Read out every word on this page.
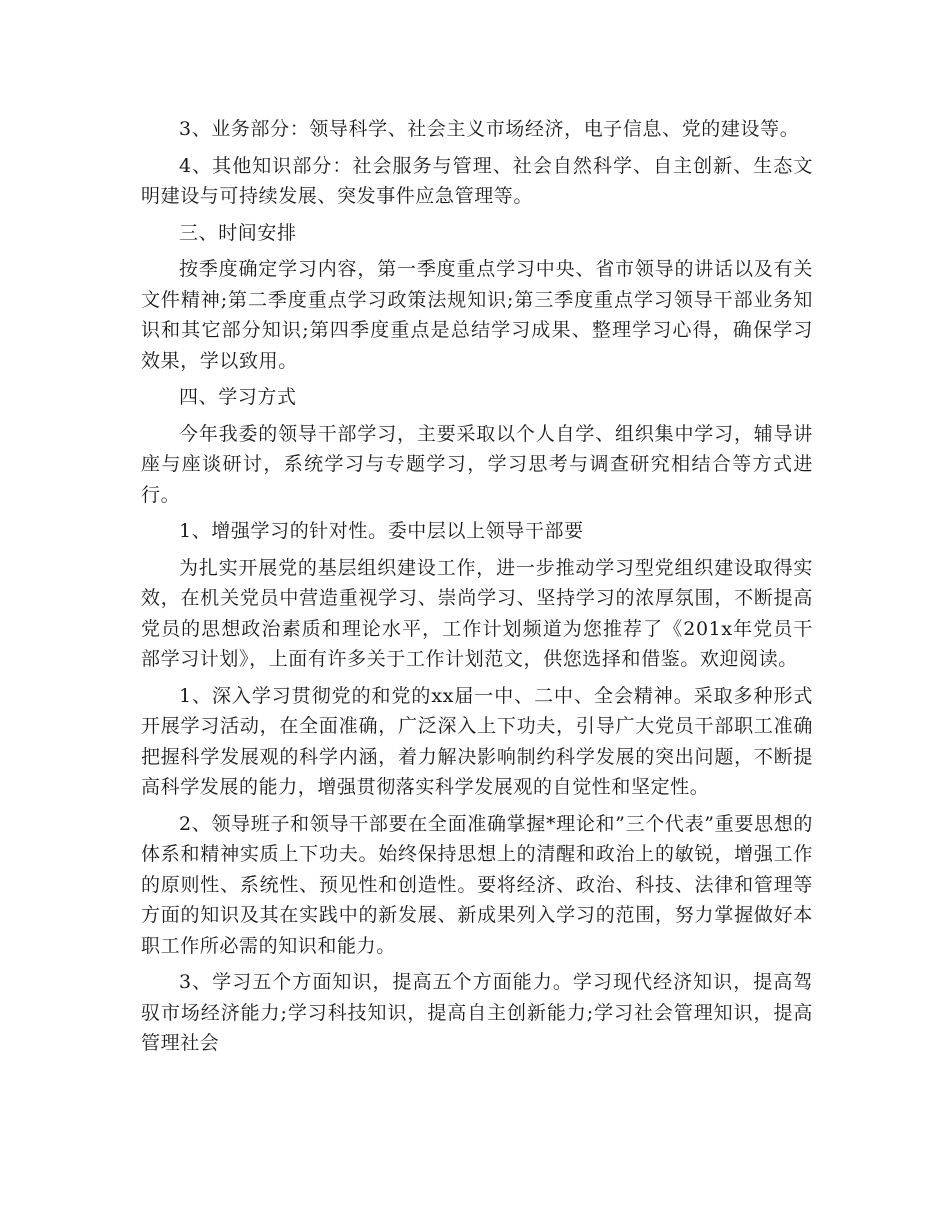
3、业务部分：领导科学、社会主义市场经济，电子信息、党的建设等。

4、其他知识部分：社会服务与管理、社会自然科学、自主创新、生态文明建设与可持续发展、突发事件应急管理等。

三、时间安排

按季度确定学习内容，第一季度重点学习中央、省市领导的讲话以及有关文件精神;第二季度重点学习政策法规知识;第三季度重点学习领导干部业务知识和其它部分知识;第四季度重点是总结学习成果、整理学习心得，确保学习效果，学以致用。

四、学习方式

今年我委的领导干部学习，主要采取以个人自学、组织集中学习，辅导讲座与座谈研讨，系统学习与专题学习，学习思考与调查研究相结合等方式进行。

1、增强学习的针对性。委中层以上领导干部要

为扎实开展党的基层组织建设工作，进一步推动学习型党组织建设取得实效，在机关党员中营造重视学习、崇尚学习、坚持学习的浓厚氛围，不断提高党员的思想政治素质和理论水平，工作计划频道为您推荐了《201x年党员干部学习计划》，上面有许多关于工作计划范文，供您选择和借鉴。欢迎阅读。

1、深入学习贯彻党的和党的xx届一中、二中、全会精神。采取多种形式开展学习活动，在全面准确，广泛深入上下功夫，引导广大党员干部职工准确把握科学发展观的科学内涵，着力解决影响制约科学发展的突出问题，不断提高科学发展的能力，增强贯彻落实科学发展观的自觉性和坚定性。

2、领导班子和领导干部要在全面准确掌握*理论和”三个代表”重要思想的体系和精神实质上下功夫。始终保持思想上的清醒和政治上的敏锐，增强工作的原则性、系统性、预见性和创造性。要将经济、政治、科技、法律和管理等方面的知识及其在实践中的新发展、新成果列入学习的范围，努力掌握做好本职工作所必需的知识和能力。

3、学习五个方面知识，提高五个方面能力。学习现代经济知识，提高驾驭市场经济能力;学习科技知识，提高自主创新能力;学习社会管理知识，提高管理社会
